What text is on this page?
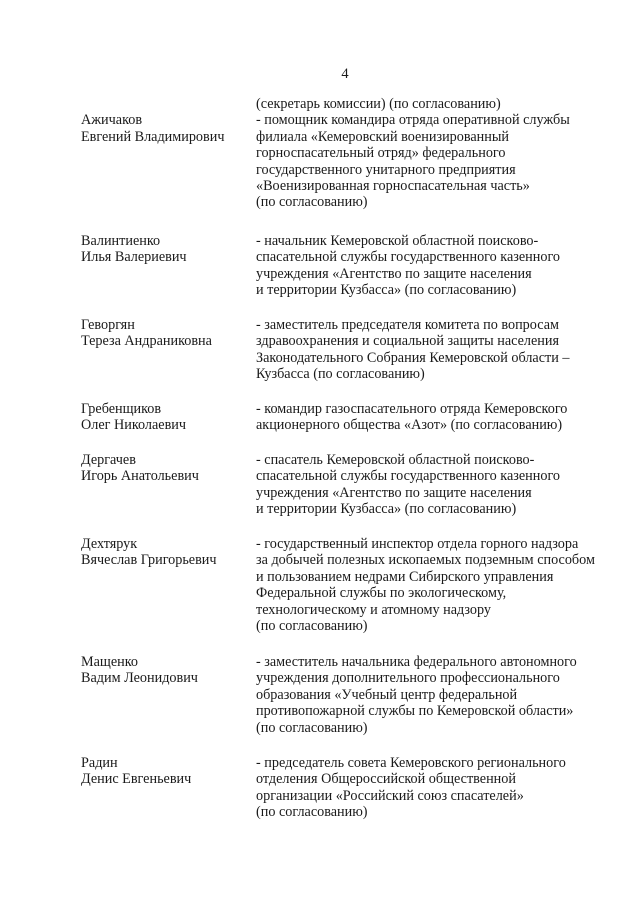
4
(секретарь комиссии) (по согласованию)
Ажичаков
Евгений Владимирович
- помощник командира отряда оперативной службы
филиала «Кемеровский военизированный
горноспасательный отряд» федерального
государственного унитарного предприятия
«Военизированная горноспасательная часть»
(по согласованию)
Валинтиенко
Илья Валериевич
- начальник Кемеровской областной поисково-
спасательной службы государственного казенного
учреждения «Агентство по защите населения
и территории Кузбасса» (по согласованию)
Геворгян
Тереза Андраниковна
- заместитель председателя комитета по вопросам
здравоохранения и социальной защиты населения
Законодательного Собрания Кемеровской области –
Кузбасса (по согласованию)
Гребенщиков
Олег Николаевич
- командир газоспасательного отряда Кемеровского
акционерного общества «Азот» (по согласованию)
Дергачев
Игорь Анатольевич
- спасатель Кемеровской областной поисково-
спасательной службы государственного казенного
учреждения «Агентство по защите населения
и территории Кузбасса» (по согласованию)
Дехтярук
Вячеслав Григорьевич
- государственный инспектор отдела горного надзора
за добычей полезных ископаемых подземным способом
и пользованием недрами Сибирского управления
Федеральной службы по экологическому,
технологическому и атомному надзору
(по согласованию)
Мащенко
Вадим Леонидович
- заместитель начальника федерального автономного
учреждения дополнительного профессионального
образования «Учебный центр федеральной
противопожарной службы по Кемеровской области»
(по согласованию)
Радин
Денис Евгеньевич
- председатель совета Кемеровского регионального
отделения Общероссийской общественной
организации «Российский союз спасателей»
(по согласованию)
